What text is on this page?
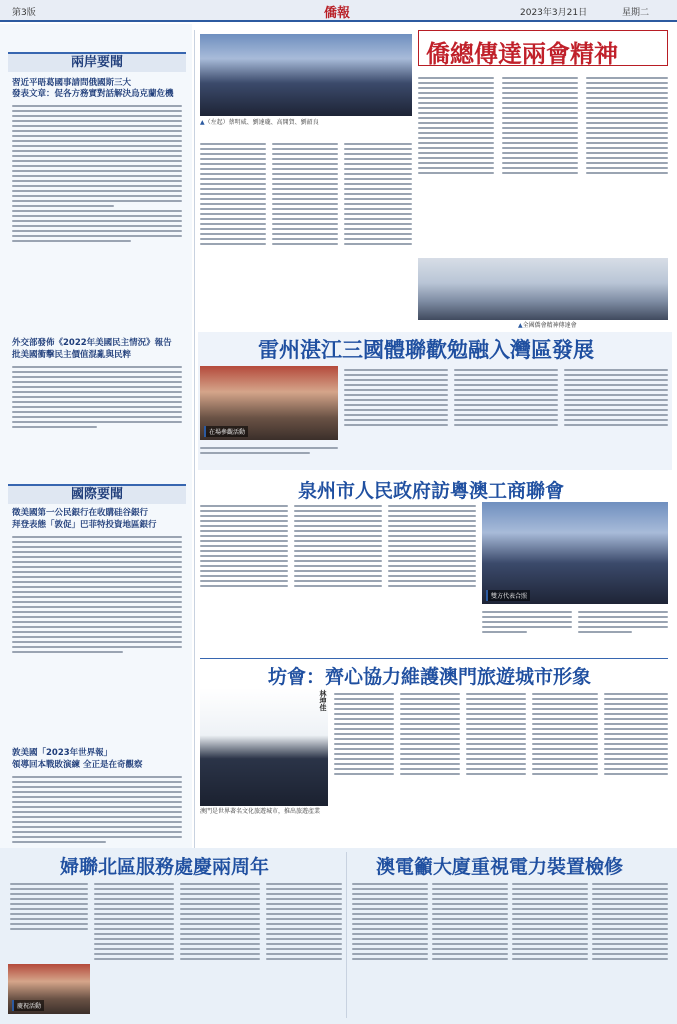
第3版	僑報	2023年3月21日	星期二
兩岸要聞
習近平晤葛國事請問俄國斯三大
發表文章：促各方務實對話解決烏克蘭危機
外交部發佈《2022年美國民主情況》報告
批美國衝擊民主價值混亂與民粹
國際要聞
徵美國第一公民銀行在收購硅谷銀行
拜登表態「敦促」巴菲特投資地區銀行
敦美國「2023年世界報」
領導回本戰敗演練 全正是在奇觀察
▲（左起）蔡明威、劉達瓏、高開賀、劉韶良
僑總傳達兩會精神
▲全國僑會精神傳達會
雷州湛江三國體聯歡勉融入灣區發展
在場參觀活動
泉州市人民政府訪粵澳工商聯會
雙方代表合照
坊會：齊心協力維護澳門旅遊城市形象
林坤佳
澳門是世界著名文化旅遊城市，推出旅遊產業
婦聯北區服務處慶兩周年
慶祝活動
澳電籲大廈重視電力裝置檢修
